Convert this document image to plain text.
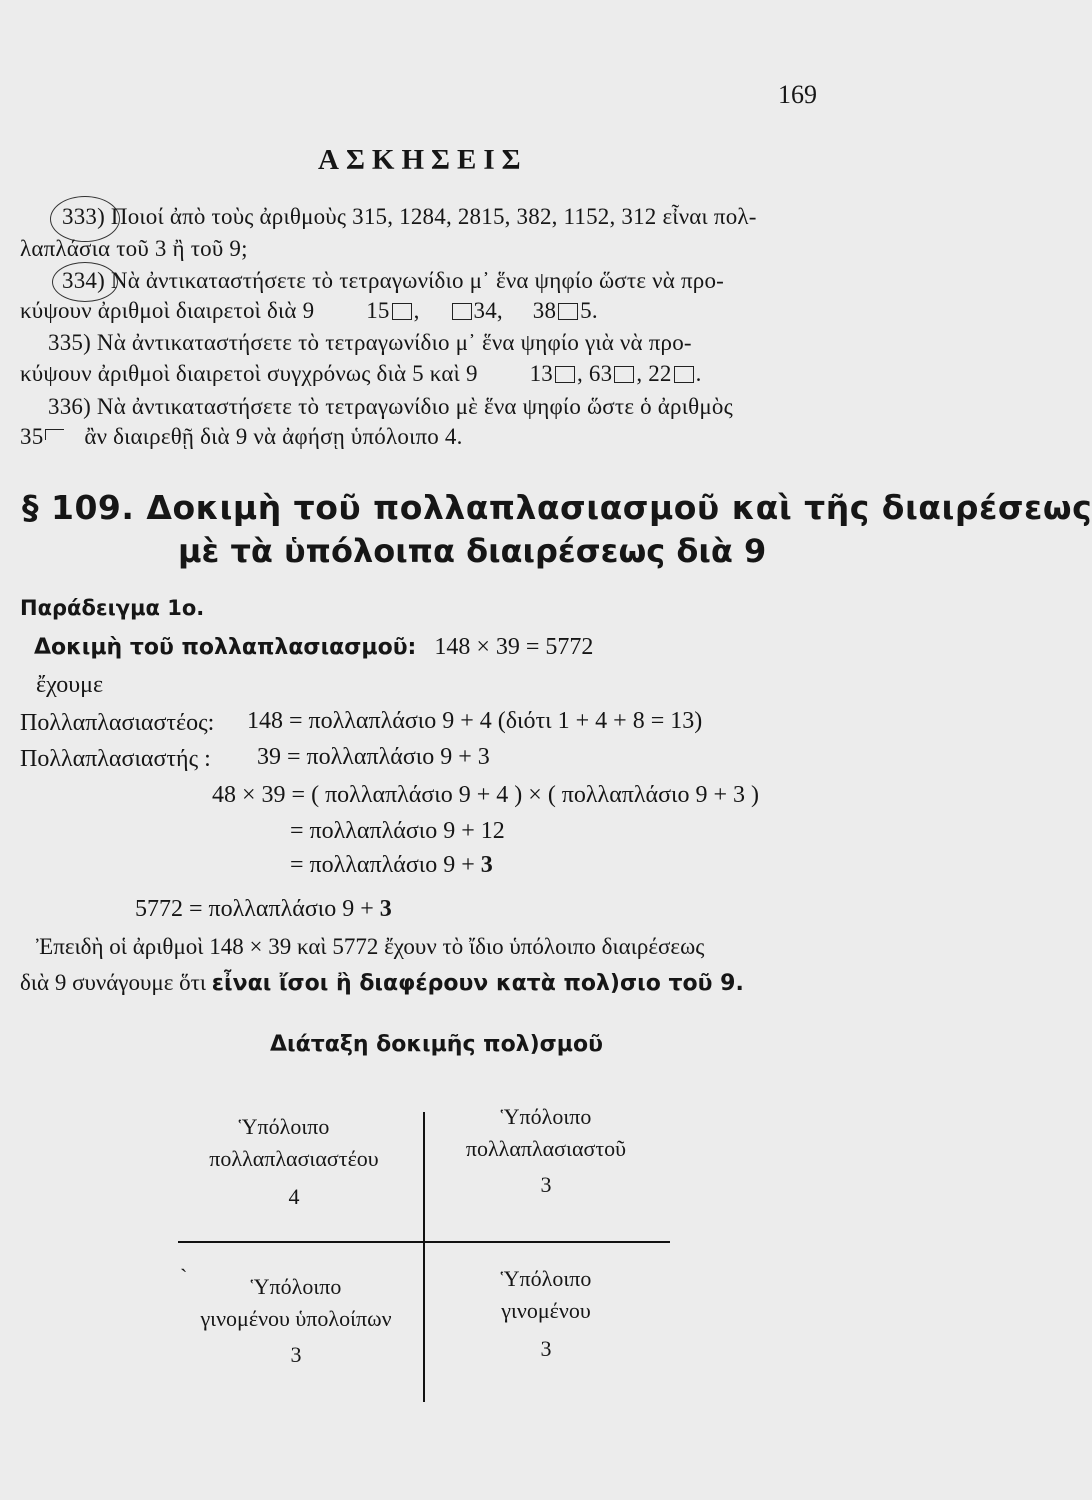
169
ΑΣΚΗΣΕΙΣ
333) Ποιοί ἀπὸ τοὺς ἀριθμοὺς 315, 1284, 2815, 382, 1152, 312 εἶναι πολ-
λαπλάσια τοῦ 3 ἢ τοῦ 9;
334) Νὰ ἀντικαταστήσετε τὸ τετραγωνίδιο μ᾿ ἕνα ψηφίο ὥστε νὰ προ-
κύψουν ἀριθμοὶ διαιρετοὶ διὰ 9 15 ,  34, 38 5.
335) Νὰ ἀντικαταστήσετε τὸ τετραγωνίδιο μ᾿ ἕνα ψηφίο γιὰ νὰ προ-
κύψουν ἀριθμοὶ διαιρετοὶ συγχρόνως διὰ 5 καὶ 9 13 , 63 , 22 .
336) Νὰ ἀντικαταστήσετε τὸ τετραγωνίδιο μὲ ἕνα ψηφίο ὥστε ὁ ἀριθμὸς
35 ἂν διαιρεθῇ διὰ 9 νὰ ἀφήσῃ ὑπόλοιπο 4.
§ 109. Δοκιμὴ τοῦ πολλαπλασιασμοῦ καὶ τῆς διαιρέσεως
μὲ τὰ ὑπόλοιπα διαιρέσεως διὰ 9
Παράδειγμα 1ο.
Δοκιμὴ τοῦ πολλαπλασιασμοῦ: 148 × 39 = 5772
ἔχουμε
Πολλαπλασιαστέος: 148 = πολλαπλάσιο 9 + 4 (διότι 1 + 4 + 8 = 13)
Πολλαπλασιαστής : 39 = πολλαπλάσιο 9 + 3
48 × 39 = ( πολλαπλάσιο 9 + 4 ) × ( πολλαπλάσιο 9 + 3 )
= πολλαπλάσιο 9 + 12
= πολλαπλάσιο 9 + 3
5772 = πολλαπλάσιο 9 + 3
Ἐπειδὴ οἱ ἀριθμοὶ 148 × 39 καὶ 5772 ἔχουν τὸ ἴδιο ὑπόλοιπο διαιρέσεως
διὰ 9 συνάγουμε ὅτι εἶναι ἴσοι ἢ διαφέρουν κατὰ πολ)σιο τοῦ 9.
Διάταξη δοκιμῆς πολ)σμοῦ
Ὑπόλοιπο
πολλαπλασιαστέου
4
Ὑπόλοιπο
πολλαπλασιαστοῦ
3
`	Ὑπόλοιπο
γινομένου ὑπολοίπων
3
Ὑπόλοιπο
γινομένου
3
